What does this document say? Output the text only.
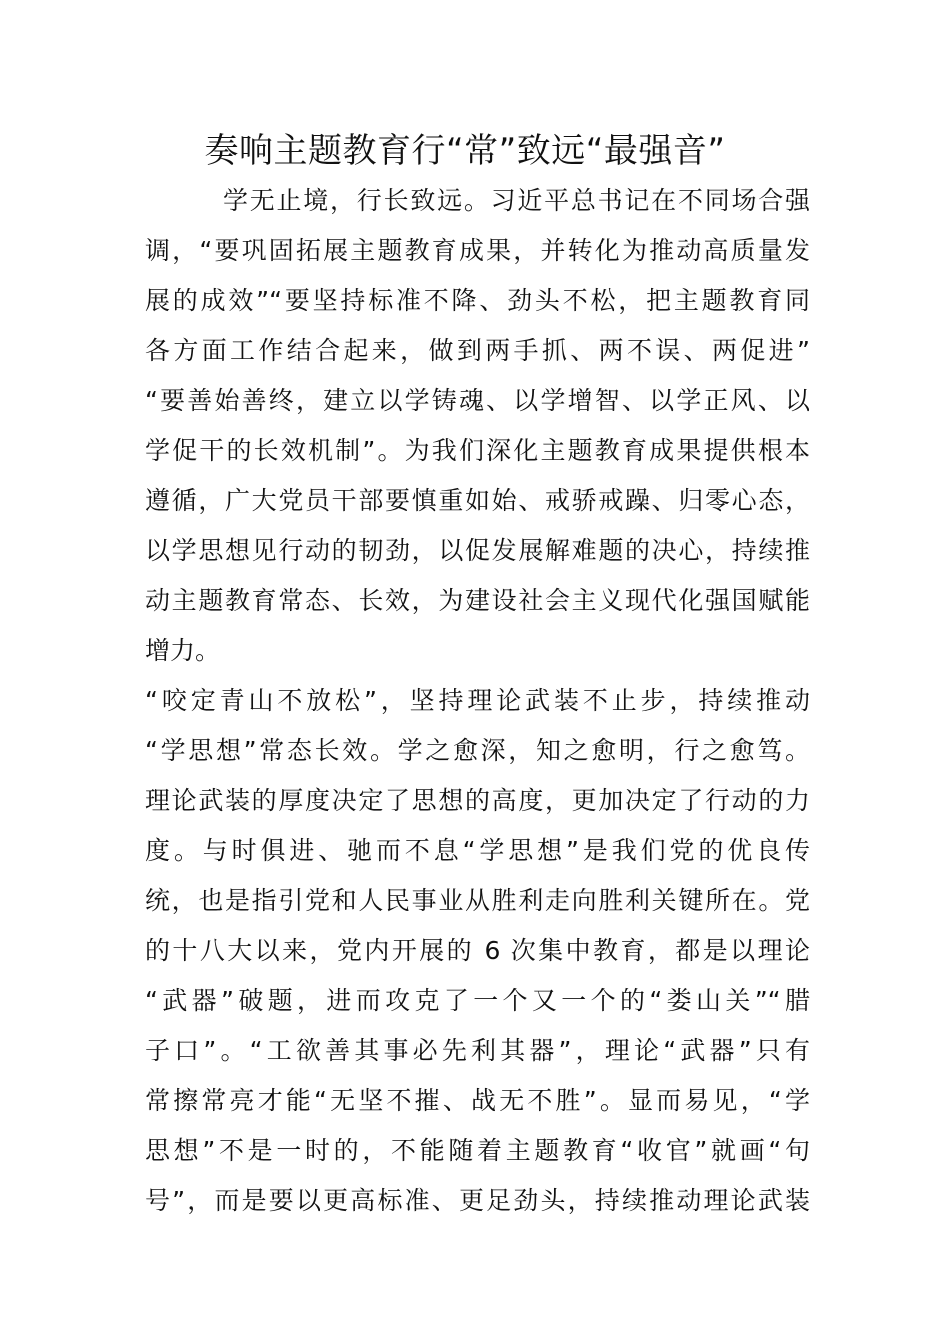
奏响主题教育行“常”致远“最强音”
学无止境，行长致远。习近平总书记在不同场合强
调，“要巩固拓展主题教育成果，并转化为推动高质量发
展的成效”“要坚持标准不降、劲头不松，把主题教育同
各方面工作结合起来，做到两手抓、两不误、两促进”
“要善始善终，建立以学铸魂、以学增智、以学正风、以
学促干的长效机制”。为我们深化主题教育成果提供根本
遵循，广大党员干部要慎重如始、戒骄戒躁、归零心态，
以学思想见行动的韧劲，以促发展解难题的决心，持续推
动主题教育常态、长效，为建设社会主义现代化强国赋能
增力。
“咬定青山不放松”，坚持理论武装不止步，持续推动
“学思想”常态长效。学之愈深，知之愈明，行之愈笃。
理论武装的厚度决定了思想的高度，更加决定了行动的力
度。与时俱进、驰而不息“学思想”是我们党的优良传
统，也是指引党和人民事业从胜利走向胜利关键所在。党
的十八大以来，党内开展的 6 次集中教育，都是以理论
“武器”破题，进而攻克了一个又一个的“娄山关”“腊
子口”。“工欲善其事必先利其器”，理论“武器”只有
常擦常亮才能“无坚不摧、战无不胜”。显而易见，“学
思想”不是一时的，不能随着主题教育“收官”就画“句
号”，而是要以更高标准、更足劲头，持续推动理论武装
